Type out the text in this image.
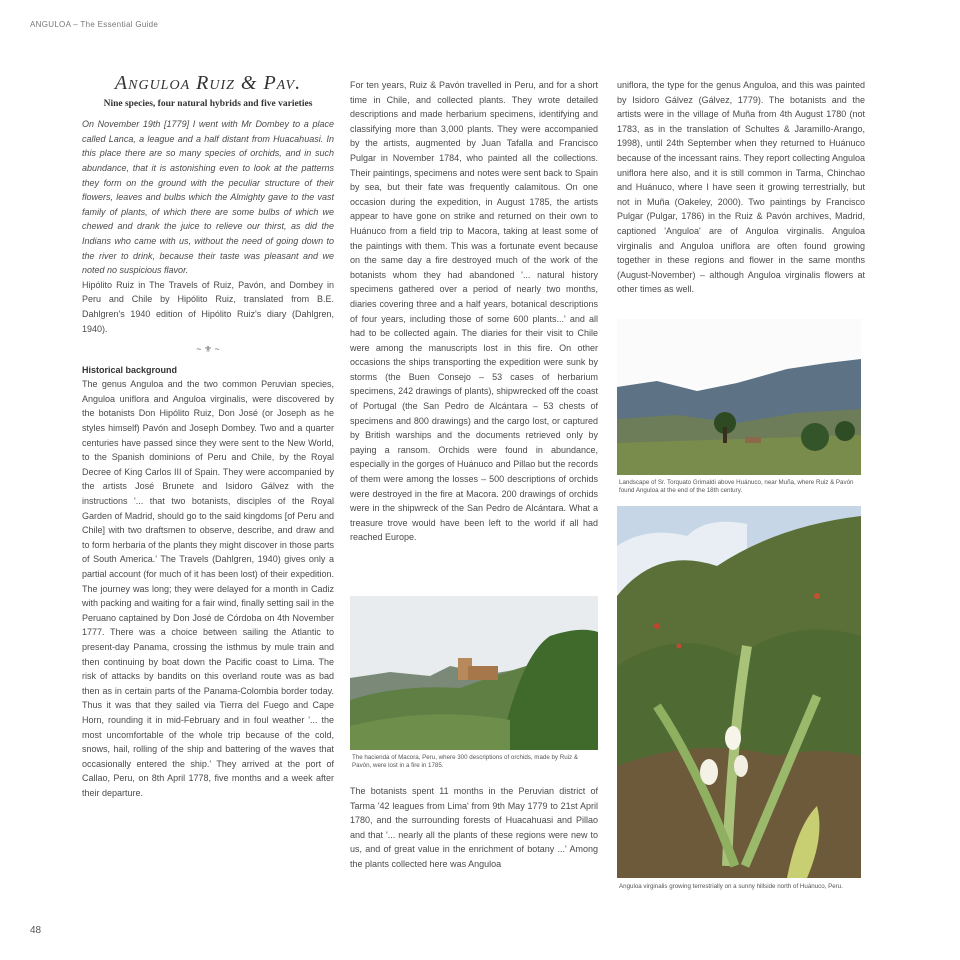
ANGULOA – The Essential Guide
Anguloa Ruiz & Pav.
Nine species, four natural hybrids and five varieties

On November 19th [1779] I went with Mr Dombey to a place called Lanca, a league and a half distant from Huacahuasi. In this place there are so many species of orchids, and in such abundance, that it is astonishing even to look at the patterns they form on the ground with the peculiar structure of their flowers, leaves and bulbs which the Almighty gave to the vast family of plants, of which there are some bulbs of which we chewed and drank the juice to relieve our thirst, as did the Indians who came with us, without the need of going down to the river to drink, because their taste was pleasant and we noted no suspicious flavor.

Hipólito Ruiz in The Travels of Ruiz, Pavón, and Dombey in Peru and Chile by Hipólito Ruiz, translated from B.E. Dahlgren's 1940 edition of Hipólito Ruiz's diary (Dahlgren, 1940).

~ ⚜ ~
Historical background

The genus Anguloa and the two common Peruvian species, Anguloa uniflora and Anguloa virginalis, were discovered by the botanists Don Hipólito Ruiz, Don José (or Joseph as he styles himself) Pavón and Joseph Dombey. Two and a quarter centuries have passed since they were sent to the New World, to the Spanish dominions of Peru and Chile, by the Royal Decree of King Carlos III of Spain. They were accompanied by the artists José Brunete and Isidoro Gálvez with the instructions '... that two botanists, disciples of the Royal Garden of Madrid, should go to the said kingdoms [of Peru and Chile] with two draftsmen to observe, describe, and draw and to form herbaria of the plants they might discover in those parts of South America.' The Travels (Dahlgren, 1940) gives only a partial account (for much of it has been lost) of their expedition. The journey was long; they were delayed for a month in Cadiz with packing and waiting for a fair wind, finally setting sail in the Peruano captained by Don José de Córdoba on 4th November 1777. There was a choice between sailing the Atlantic to present-day Panama, crossing the isthmus by mule train and then continuing by boat down the Pacific coast to Lima. The risk of attacks by bandits on this overland route was as bad then as in certain parts of the Panama-Colombia border today. Thus it was that they sailed via Tierra del Fuego and Cape Horn, rounding it in mid-February and in foul weather '... the most uncomfortable of the whole trip because of the cold, snows, hail, rolling of the ship and battering of the waves that occasionally entered the ship.' They arrived at the port of Callao, Peru, on 8th April 1778, five months and a week after their departure.

For ten years, Ruiz & Pavón travelled in Peru, and for a short time in Chile, and collected plants. They wrote detailed descriptions and made herbarium specimens, identifying and classifying more than 3,000 plants. They were accompanied by the artists, augmented by Juan Tafalla and Francisco Pulgar in November 1784, who painted all the collections. Their paintings, specimens and notes were sent back to Spain by sea, but their fate was frequently calamitous. On one occasion during the expedition, in August 1785, the artists appear to have gone on strike and returned on their own to Huánuco from a field trip to Macora, taking at least some of the paintings with them. This was a fortunate event because on the same day a fire destroyed much of the work of the botanists whom they had abandoned '... natural history specimens gathered over a period of nearly two months, diaries covering three and a half years, botanical descriptions of four years, including those of some 600 plants...' and all had to be collected again. The diaries for their visit to Chile were among the manuscripts lost in this fire. On other occasions the ships transporting the expedition were sunk by storms (the Buen Consejo – 53 cases of herbarium specimens, 242 drawings of plants), shipwrecked off the coast of Portugal (the San Pedro de Alcántara – 53 chests of specimens and 800 drawings) and the cargo lost, or captured by British warships and the documents retrieved only by paying a ransom. Orchids were found in abundance, especially in the gorges of Huánuco and Pillao but the records of them were among the losses – 500 descriptions of orchids were destroyed in the fire at Macora. 200 drawings of orchids were in the shipwreck of the San Pedro de Alcántara. What a treasure trove would have been left to the world if all had reached Europe.

The hacienda of Macora, Peru, where 300 descriptions of orchids, made by Ruiz & Pavón, were lost in a fire in 1785.

The botanists spent 11 months in the Peruvian district of Tarma '42 leagues from Lima' from 9th May 1779 to 21st April 1780, and the surrounding forests of Huacahuasi and Pillao and that '... nearly all the plants of these regions were new to us, and of great value in the enrichment of botany ...' Among the plants collected here was Anguloa

uniflora, the type for the genus Anguloa, and this was painted by Isidoro Gálvez (Gálvez, 1779). The botanists and the artists were in the village of Muña from 4th August 1780 (not 1783, as in the translation of Schultes & Jaramillo-Arango, 1998), until 24th September when they returned to Huánuco because of the incessant rains. They report collecting Anguloa uniflora here also, and it is still common in Tarma, Chinchao and Huánuco, where I have seen it growing terrestrially, but not in Muña (Oakeley, 2000). Two paintings by Francisco Pulgar (Pulgar, 1786) in the Ruiz & Pavón archives, Madrid, captioned 'Anguloa' are of Anguloa virginalis. Anguloa virginalis and Anguloa uniflora are often found growing together in these regions and flower in the same months (August-November) – although Anguloa virginalis flowers at other times as well.

Landscape of Sr. Torquato Grimaldi above Huánuco, near Muña, where Ruiz & Pavón found Anguloa at the end of the 18th century.
Anguloa virginalis growing terrestrially on a sunny hillside north of Huánuco, Peru.
48
